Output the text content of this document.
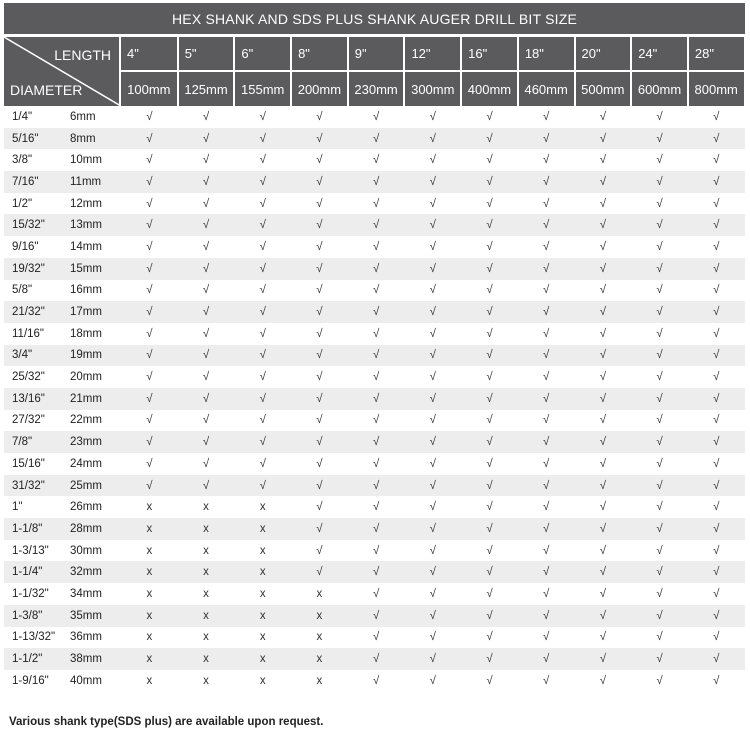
HEX SHANK AND SDS PLUS SHANK AUGER DRILL BIT SIZE
LENGTH
DIAMETER	4"	5"	6"	8"	9"	12"	16"	18"	20"	24"	28"
	100mm	125mm	155mm	200mm	230mm	300mm	400mm	460mm	500mm	600mm	800mm

1/4" 6mm	√	√	√	√	√	√	√	√	√	√	√

5/16" 8mm	√	√	√	√	√	√	√	√	√	√	√

3/8" 10mm	√	√	√	√	√	√	√	√	√	√	√

7/16" 11mm	√	√	√	√	√	√	√	√	√	√	√

1/2" 12mm	√	√	√	√	√	√	√	√	√	√	√

15/32" 13mm	√	√	√	√	√	√	√	√	√	√	√

9/16" 14mm	√	√	√	√	√	√	√	√	√	√	√

19/32" 15mm	√	√	√	√	√	√	√	√	√	√	√

5/8" 16mm	√	√	√	√	√	√	√	√	√	√	√

21/32" 17mm	√	√	√	√	√	√	√	√	√	√	√

11/16" 18mm	√	√	√	√	√	√	√	√	√	√	√

3/4" 19mm	√	√	√	√	√	√	√	√	√	√	√

25/32" 20mm	√	√	√	√	√	√	√	√	√	√	√

13/16" 21mm	√	√	√	√	√	√	√	√	√	√	√

27/32" 22mm	√	√	√	√	√	√	√	√	√	√	√

7/8" 23mm	√	√	√	√	√	√	√	√	√	√	√

15/16" 24mm	√	√	√	√	√	√	√	√	√	√	√

31/32" 25mm	√	√	√	√	√	√	√	√	√	√	√

1" 26mm	x	x	x	√	√	√	√	√	√	√	√

1-1/8" 28mm	x	x	x	√	√	√	√	√	√	√	√

1-3/13" 30mm	x	x	x	√	√	√	√	√	√	√	√

1-1/4" 32mm	x	x	x	√	√	√	√	√	√	√	√

1-1/32" 34mm	x	x	x	x	√	√	√	√	√	√	√

1-3/8" 35mm	x	x	x	x	√	√	√	√	√	√	√

1-13/32" 36mm	x	x	x	x	√	√	√	√	√	√	√

1-1/2" 38mm	x	x	x	x	√	√	√	√	√	√	√

1-9/16" 40mm	x	x	x	x	√	√	√	√	√	√	√
Various shank type(SDS plus) are available upon request.
